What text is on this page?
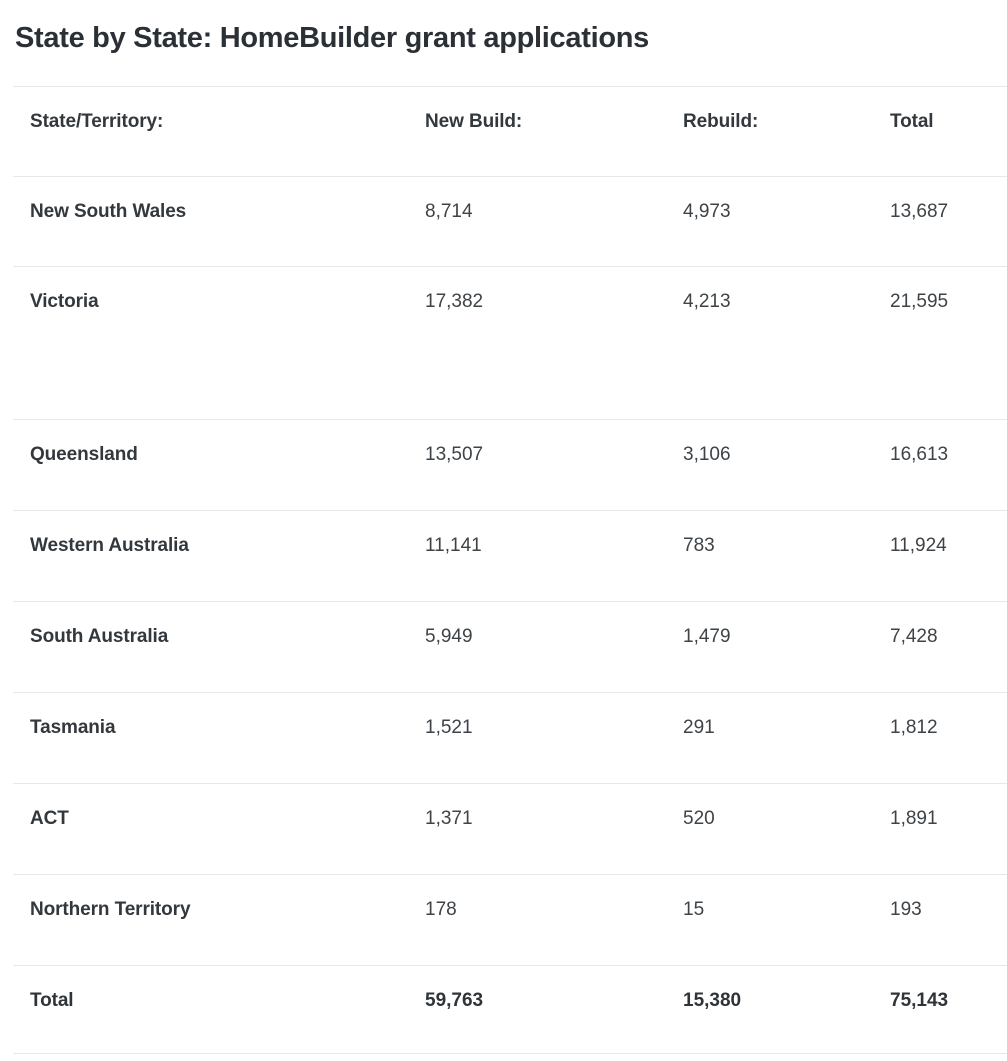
State by State: HomeBuilder grant applications
State/Territory:	New Build:	Rebuild:	Total
New South Wales	8,714	4,973	13,687
Victoria	17,382	4,213	21,595
Queensland	13,507	3,106	16,613
Western Australia	11,141	783	11,924
South Australia	5,949	1,479	7,428
Tasmania	1,521	291	1,812
ACT	1,371	520	1,891
Northern Territory	178	15	193
Total	59,763	15,380	75,143
